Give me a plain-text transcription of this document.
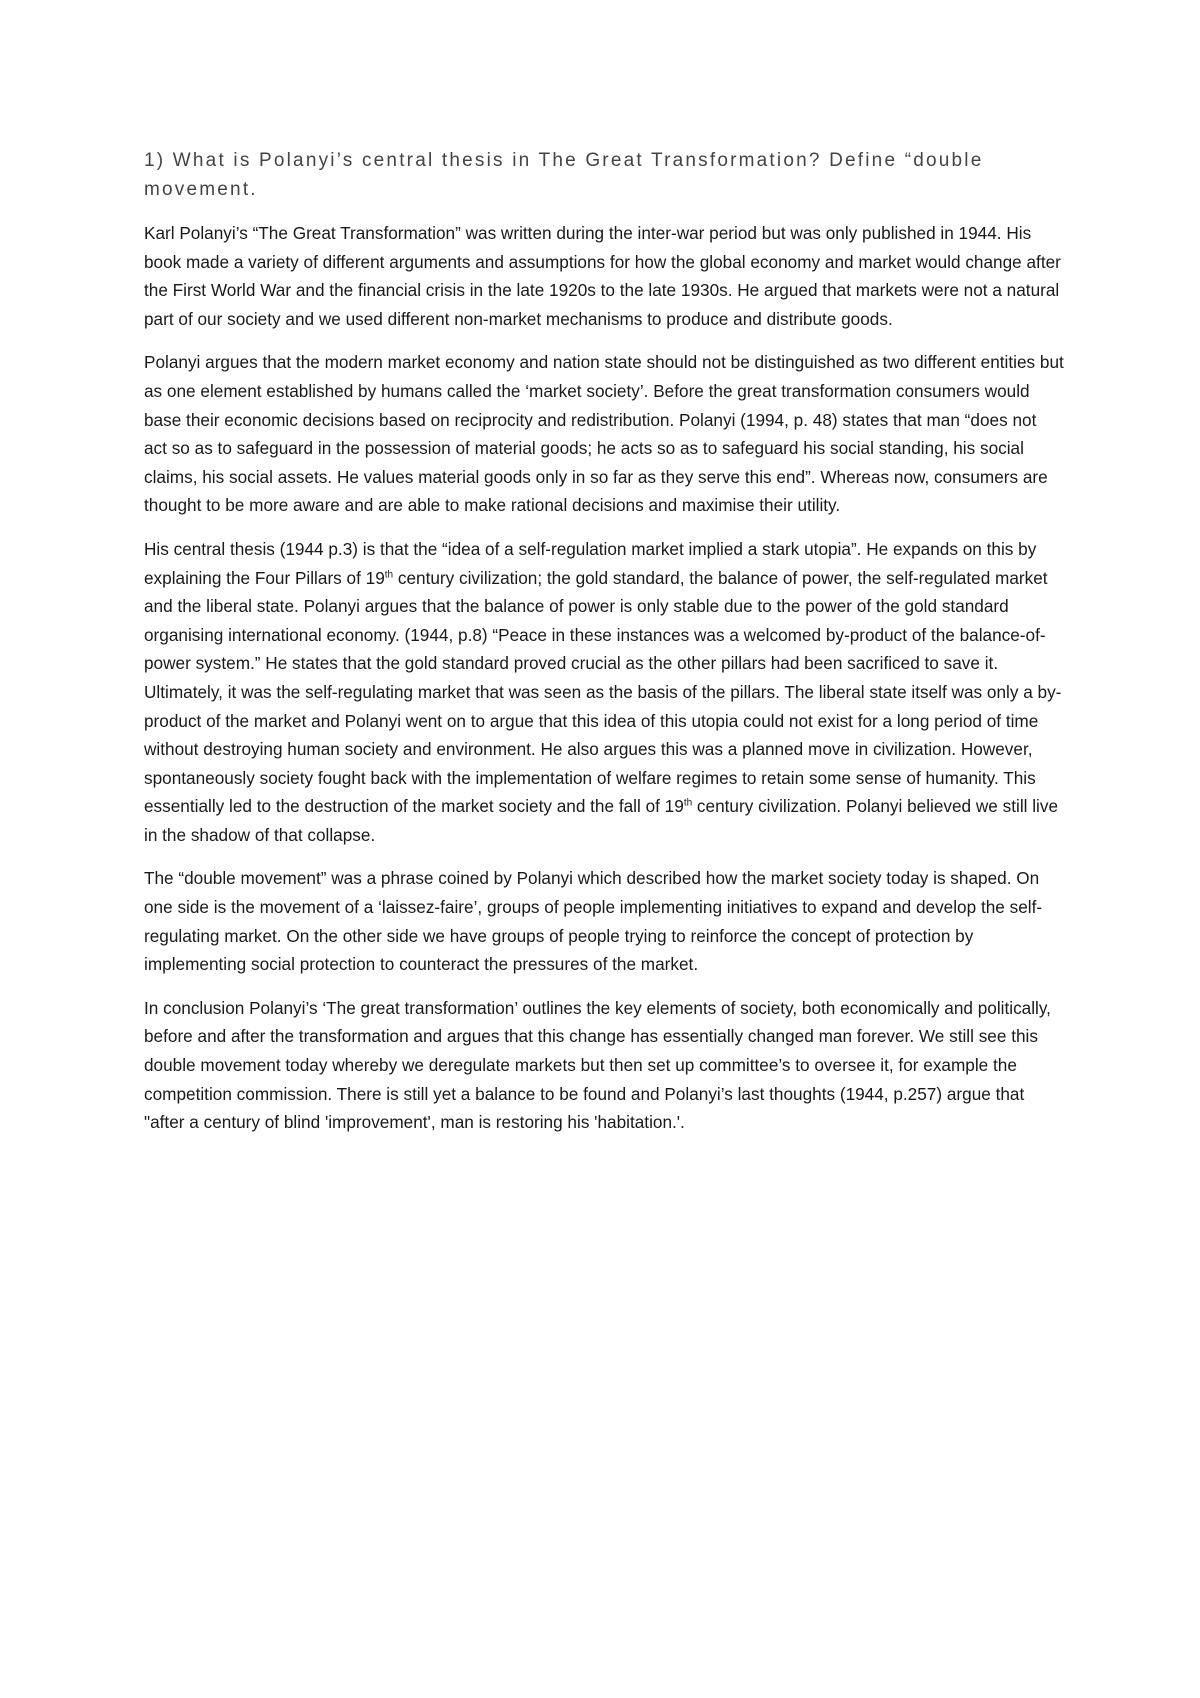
1) What is Polanyi’s central thesis in The Great Transformation? Define “double movement.

Karl Polanyi’s “The Great Transformation” was written during the inter-war period but was only published in 1944. His book made a variety of different arguments and assumptions for how the global economy and market would change after the First World War and the financial crisis in the late 1920s to the late 1930s. He argued that markets were not a natural part of our society and we used different non-market mechanisms to produce and distribute goods.

Polanyi argues that the modern market economy and nation state should not be distinguished as two different entities but as one element established by humans called the ‘market society’. Before the great transformation consumers would base their economic decisions based on reciprocity and redistribution. Polanyi (1994, p. 48) states that man “does not act so as to safeguard in the possession of material goods; he acts so as to safeguard his social standing, his social claims, his social assets. He values material goods only in so far as they serve this end”. Whereas now, consumers are thought to be more aware and are able to make rational decisions and maximise their utility.

His central thesis (1944 p.3) is that the “idea of a self-regulation market implied a stark utopia”. He expands on this by explaining the Four Pillars of 19th century civilization; the gold standard, the balance of power, the self-regulated market and the liberal state. Polanyi argues that the balance of power is only stable due to the power of the gold standard organising international economy. (1944, p.8) “Peace in these instances was a welcomed by-product of the balance-of-power system.” He states that the gold standard proved crucial as the other pillars had been sacrificed to save it. Ultimately, it was the self-regulating market that was seen as the basis of the pillars. The liberal state itself was only a by-product of the market and Polanyi went on to argue that this idea of this utopia could not exist for a long period of time without destroying human society and environment. He also argues this was a planned move in civilization. However, spontaneously society fought back with the implementation of welfare regimes to retain some sense of humanity. This essentially led to the destruction of the market society and the fall of 19th century civilization. Polanyi believed we still live in the shadow of that collapse.

The “double movement” was a phrase coined by Polanyi which described how the market society today is shaped. On one side is the movement of a ‘laissez-faire’, groups of people implementing initiatives to expand and develop the self-regulating market. On the other side we have groups of people trying to reinforce the concept of protection by implementing social protection to counteract the pressures of the market.

In conclusion Polanyi’s ‘The great transformation’ outlines the key elements of society, both economically and politically, before and after the transformation and argues that this change has essentially changed man forever. We still see this double movement today whereby we deregulate markets but then set up committee’s to oversee it, for example the competition commission. There is still yet a balance to be found and Polanyi’s last thoughts (1944, p.257) argue that "after a century of blind 'improvement', man is restoring his 'habitation.'.
